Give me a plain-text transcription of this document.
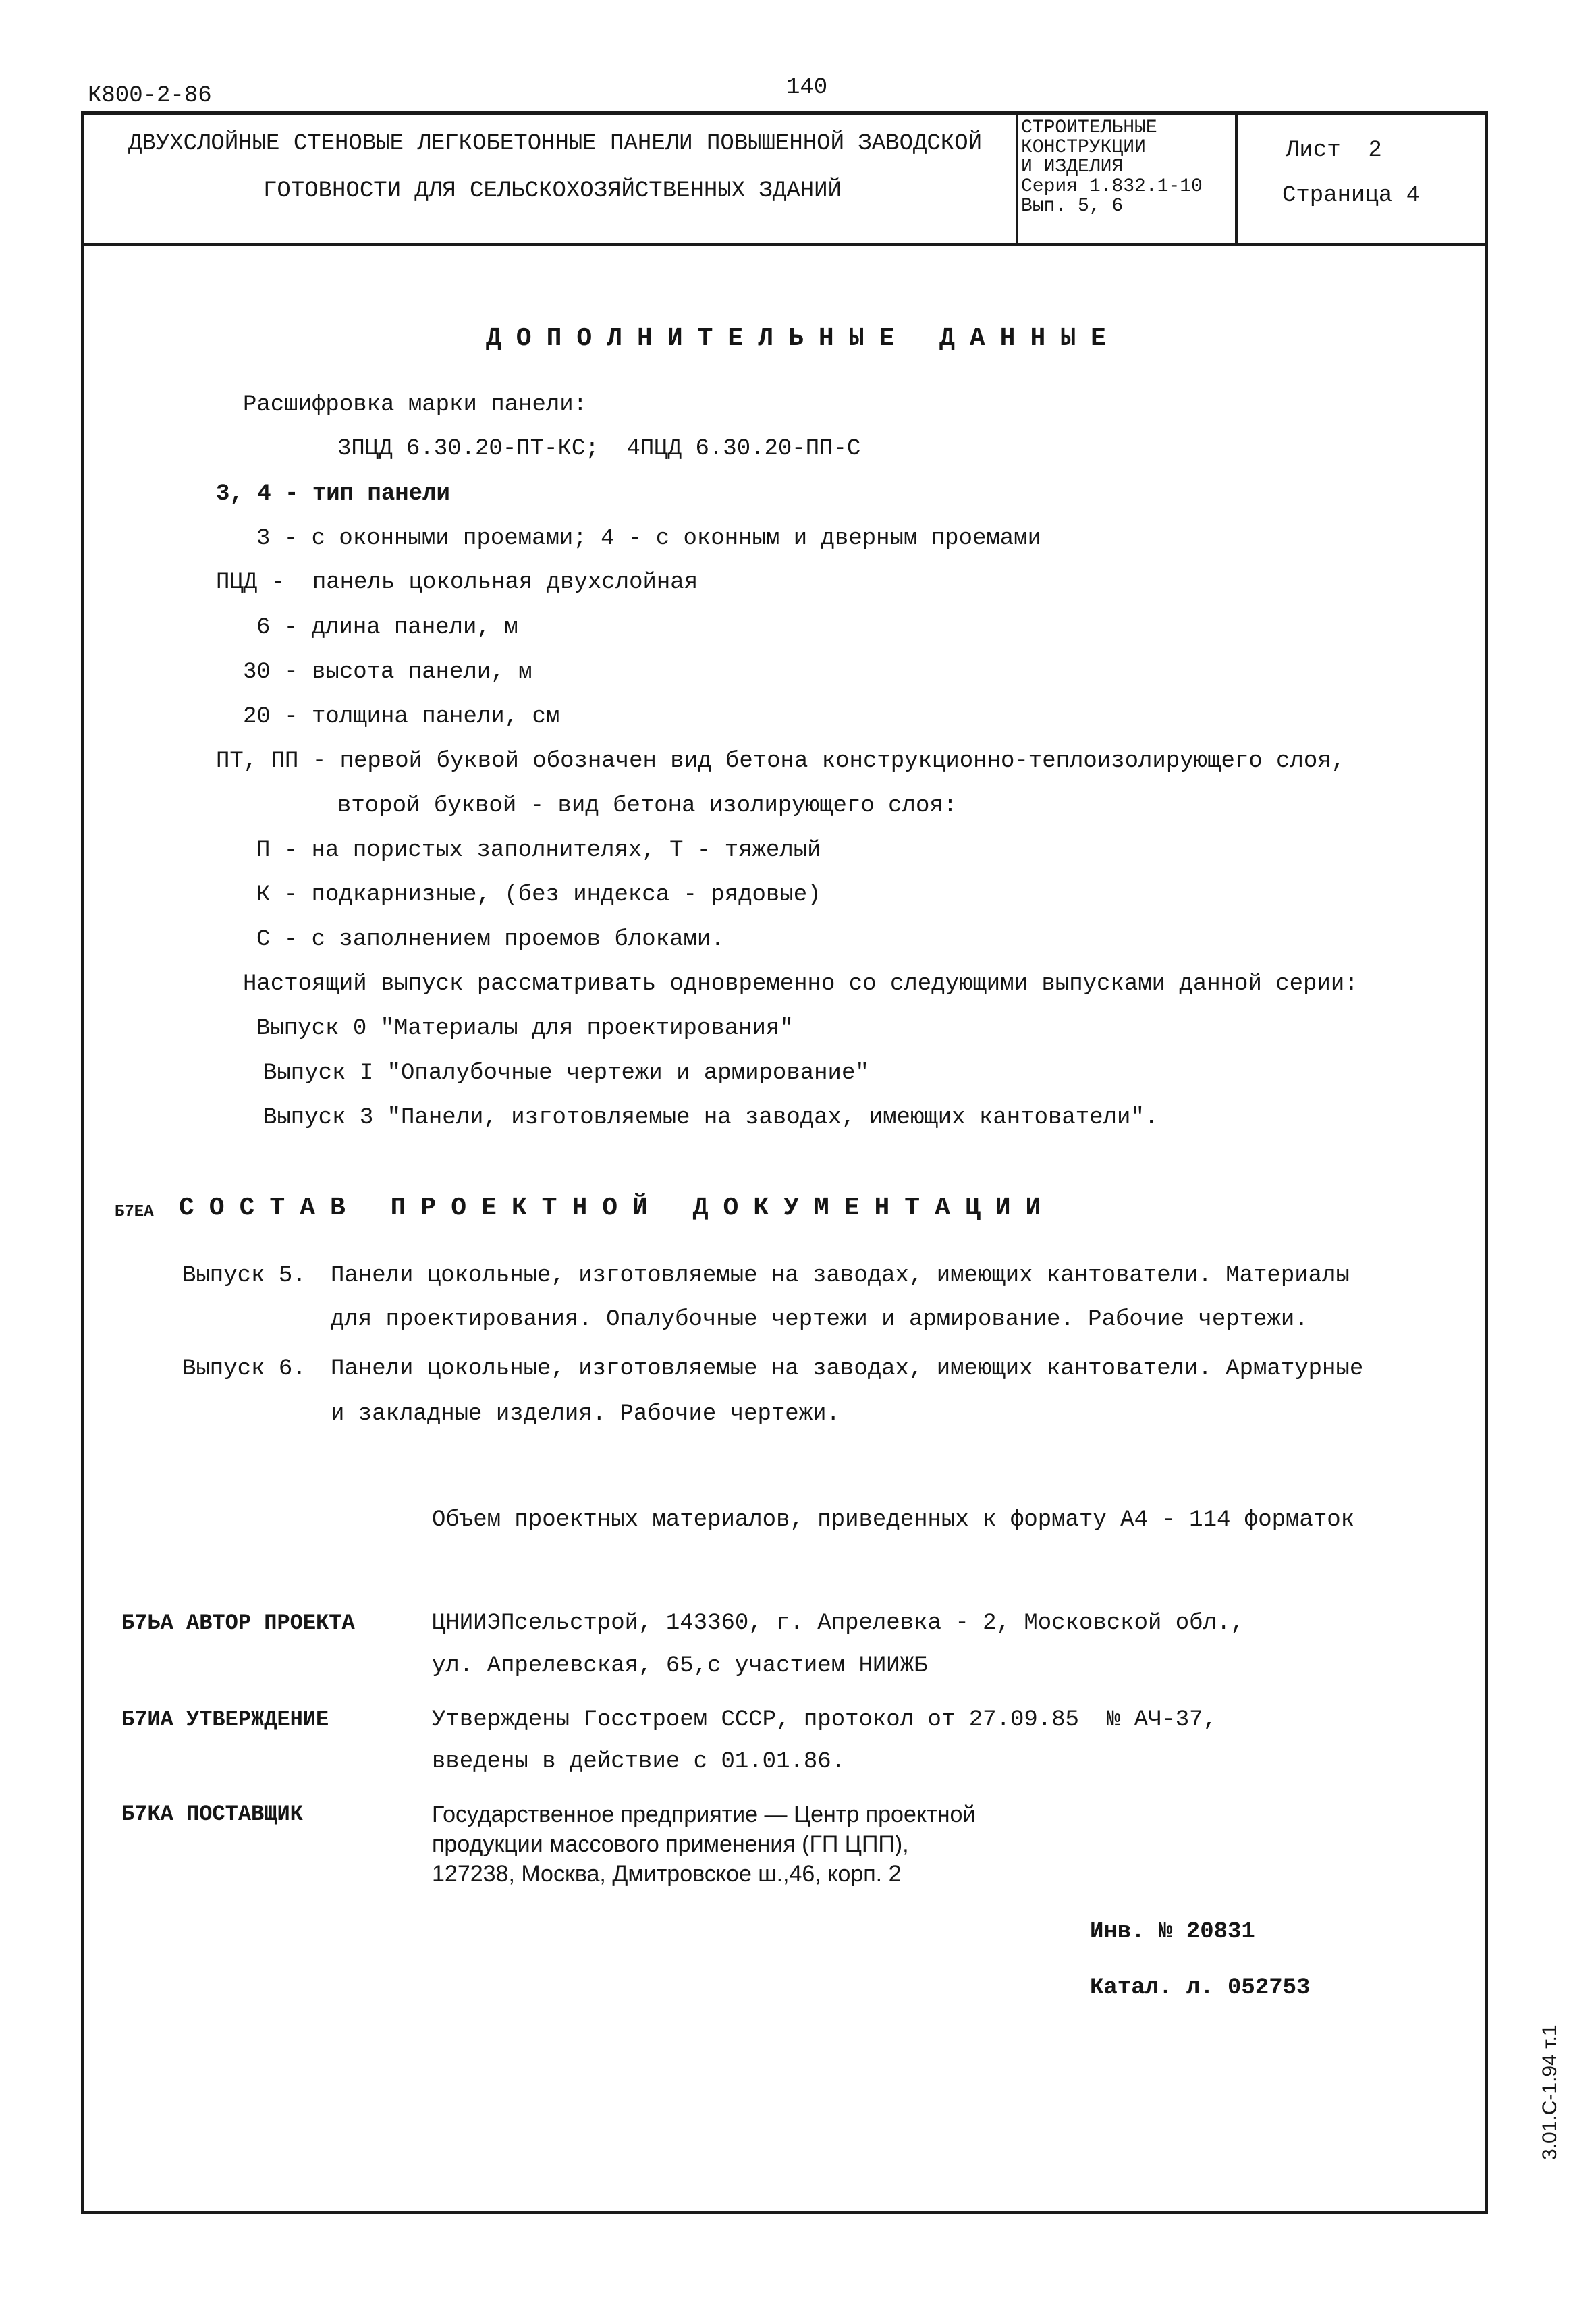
К800-2-86	140
ДВУХСЛОЙНЫЕ СТЕНОВЫЕ ЛЕГКОБЕТОННЫЕ ПАНЕЛИ ПОВЫШЕННОЙ ЗАВОДСКОЙ
ГОТОВНОСТИ ДЛЯ СЕЛЬСКОХОЗЯЙСТВЕННЫХ ЗДАНИЙ
СТРОИТЕЛЬНЫЕ
КОНСТРУКЦИИ
И ИЗДЕЛИЯ
Серия 1.832.1-10
Вып. 5, 6
Лист  2
Страница 4
ДОПОЛНИТЕЛЬНЫЕ ДАННЫЕ
Расшифровка марки панели:
3ПЦД 6.30.20-ПТ-КС;  4ПЦД 6.30.20-ПП-С
3, 4 - тип панели
3 - с оконными проемами; 4 - с оконным и дверным проемами
ПЦД -  панель цокольная двухслойная
6 - длина панели, м
30 - высота панели, м
20 - толщина панели, см
ПТ, ПП - первой буквой обозначен вид бетона конструкционно-теплоизолирующего слоя,
второй буквой - вид бетона изолирующего слоя:
П - на пористых заполнителях, Т - тяжелый
К - подкарнизные, (без индекса - рядовые)
С - с заполнением проемов блоками.
Настоящий выпуск рассматривать одновременно со следующими выпусками данной серии:
Выпуск 0 "Материалы для проектирования"
Выпуск I "Опалубочные чертежи и армирование"
Выпуск 3 "Панели, изготовляемые на заводах, имеющих кантователи".
Б7ЕА СОСТАВ ПРОЕКТНОЙ ДОКУМЕНТАЦИИ
Выпуск 5. Панели цокольные, изготовляемые на заводах, имеющих кантователи. Материалы
для проектирования. Опалубочные чертежи и армирование. Рабочие чертежи.
Выпуск 6. Панели цокольные, изготовляемые на заводах, имеющих кантователи. Арматурные
и закладные изделия. Рабочие чертежи.
Объем проектных материалов, приведенных к формату А4 - 114 форматок
Б7ЬА АВТОР ПРОЕКТА	ЦНИИЭПсельстрой, 143360, г. Апрелевка - 2, Московской обл.,
ул. Апрелевская, 65,с участием НИИЖБ
Б7ИА УТВЕРЖДЕНИЕ	Утверждены Госстроем СССР, протокол от 27.09.85  № АЧ-37,
введены в действие с 01.01.86.
Б7КА ПОСТАВЩИК	Государственное предприятие — Центр проектной
продукции массового применения (ГП ЦПП),
127238, Москва, Дмитровское ш.,46, корп. 2
Инв. № 20831
Катал. л. 052753
3.01.С-1.94 т.1
